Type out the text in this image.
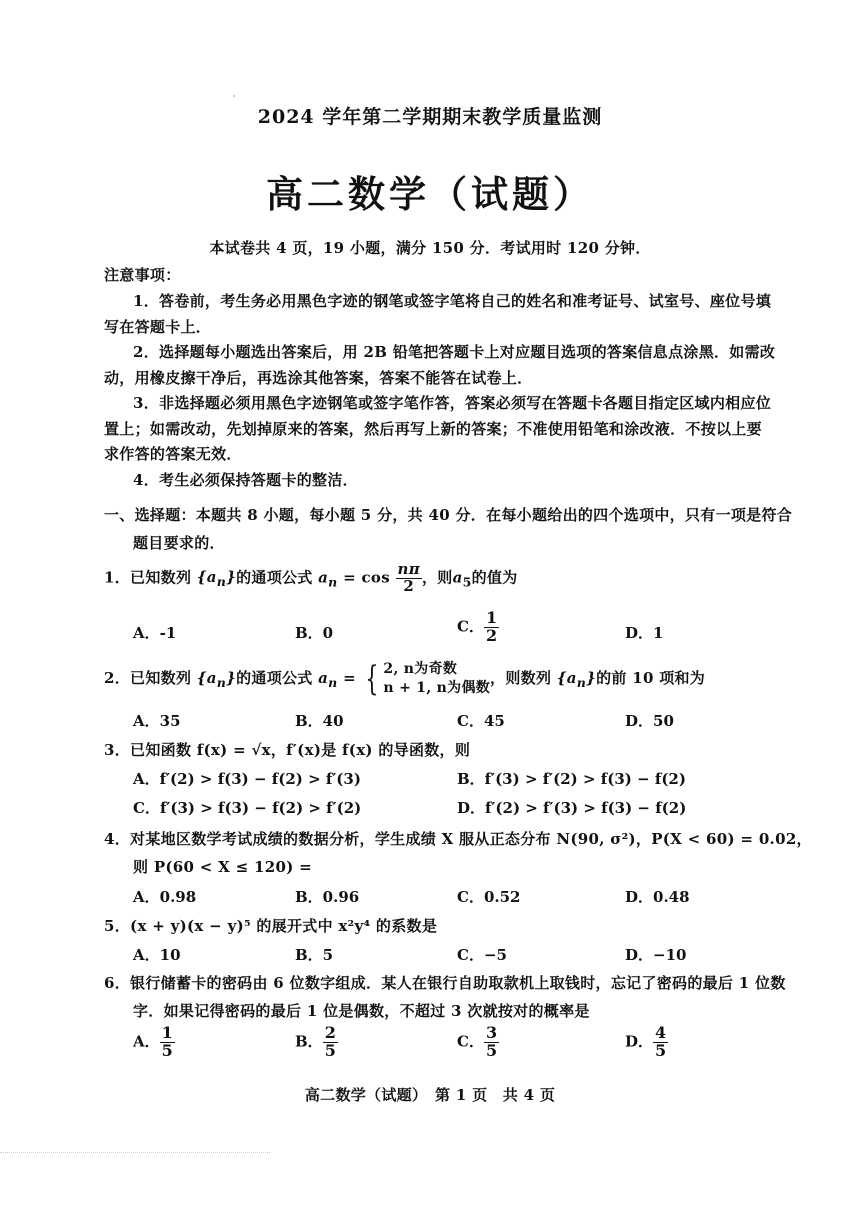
2024 学年第二学期期末教学质量监测
高二数学（试题）
本试卷共 4 页，19 小题，满分 150 分．考试用时 120 分钟．
注意事项：
1．答卷前，考生务必用黑色字迹的钢笔或签字笔将自己的姓名和准考证号、试室号、座位号填
写在答题卡上．
2．选择题每小题选出答案后，用 2B 铅笔把答题卡上对应题目选项的答案信息点涂黑．如需改
动，用橡皮擦干净后，再选涂其他答案，答案不能答在试卷上．
3．非选择题必须用黑色字迹钢笔或签字笔作答，答案必须写在答题卡各题目指定区域内相应位
置上；如需改动，先划掉原来的答案，然后再写上新的答案；不准使用铅笔和涂改液．不按以上要
求作答的答案无效．
4．考生必须保持答题卡的整洁．
一、选择题：本题共 8 小题，每小题 5 分，共 40 分．在每小题给出的四个选项中，只有一项是符合
题目要求的．
1．已知数列 $\{a_n\}$的通项公式 $a_n = \cos \frac{n\pi}{2}$ ，则$a_5$的值为
A．-1	B．0	C． $\frac{1}{2}$	D．1
2．已知数列 $\{a_n\}$的通项公式 $a_n$ = { 2, n为奇数
n + 1, n为偶数
，则数列 $\{a_n\}$的前 10 项和为
A．35	B．40	C．45	D．50
3．已知函数 f(x) = √x，f′(x)是 f(x) 的导函数，则
A．f′(2) > f(3) − f(2) > f′(3)	B．f′(3) > f′(2) > f(3) − f(2)
C．f′(3) > f(3) − f(2) > f′(2)	D．f′(2) > f′(3) > f(3) − f(2)
4．对某地区数学考试成绩的数据分析，学生成绩 X 服从正态分布 N(90, σ²)，P(X < 60) = 0.02，
则 P(60 < X ≤ 120) =
A．0.98	B．0.96	C．0.52	D．0.48
5．(x + y)(x − y)⁵ 的展开式中 x²y⁴ 的系数是
A．10	B．5	C．−5	D．−10
6．银行储蓄卡的密码由 6 位数字组成．某人在银行自助取款机上取钱时，忘记了密码的最后 1 位数
字．如果记得密码的最后 1 位是偶数，不超过 3 次就按对的概率是
A． $\frac{1}{5}$	B． $\frac{2}{5}$	C． $\frac{3}{5}$	D． $\frac{4}{5}$
高二数学（试题）　第 1 页　共 4 页
